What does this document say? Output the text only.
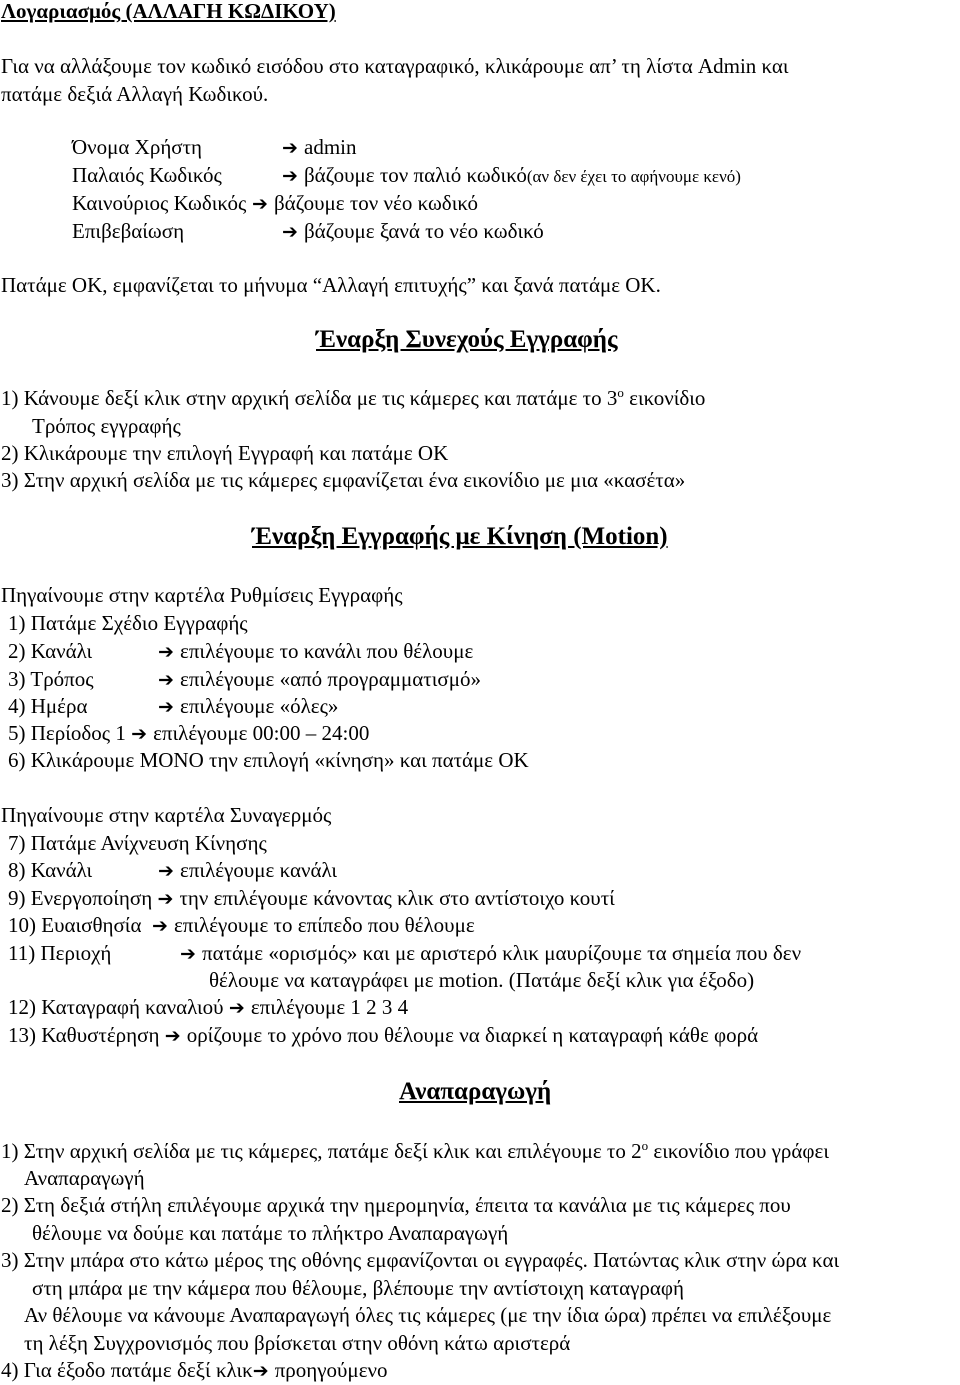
Λογαριασμός (ΑΛΛΑΓΗ ΚΩΔΙΚΟΥ)
Για να αλλάξουμε τον κωδικό εισόδου στο καταγραφικό, κλικάρουμε απ’ τη λίστα Admin και
πατάμε δεξιά Αλλαγή Κωδικού.
Όνομα Χρήστη	➔ admin
Παλαιός Κωδικός	➔ βάζουμε τον παλιό κωδικό(αν δεν έχει το αφήνουμε κενό)
Καινούριος Κωδικός ➔ βάζουμε τον νέο κωδικό
Επιβεβαίωση	➔ βάζουμε ξανά το νέο κωδικό
Πατάμε ΟΚ, εμφανίζεται το μήνυμα “Αλλαγή επιτυχής” και ξανά πατάμε ΟΚ.
Έναρξη Συνεχούς Εγγραφής
1) Κάνουμε δεξί κλικ στην αρχική σελίδα με τις κάμερες και πατάμε το $3^o$ εικονίδιο
Τρόπος εγγραφής
2) Κλικάρουμε την επιλογή Εγγραφή και πατάμε ΟΚ
3) Στην αρχική σελίδα με τις κάμερες εμφανίζεται ένα εικονίδιο με μια «κασέτα»
Έναρξη Εγγραφής με Κίνηση (Motion)
Πηγαίνουμε στην καρτέλα Ρυθμίσεις Εγγραφής
1) Πατάμε Σχέδιο Εγγραφής
2) Κανάλι	➔ επιλέγουμε το κανάλι που θέλουμε
3) Τρόπος	➔ επιλέγουμε «από προγραμματισμό»
4) Ημέρα	➔ επιλέγουμε «όλες»
5) Περίοδος 1 ➔ επιλέγουμε 00:00 – 24:00
6) Κλικάρουμε ΜΟΝΟ την επιλογή «κίνηση» και πατάμε ΟΚ
Πηγαίνουμε στην καρτέλα Συναγερμός
7) Πατάμε Ανίχνευση Κίνησης
8) Κανάλι	➔ επιλέγουμε κανάλι
9) Ενεργοποίηση ➔ την επιλέγουμε κάνοντας κλικ στο αντίστοιχο κουτί
10) Ευαισθησία ➔ επιλέγουμε το επίπεδο που θέλουμε
11) Περιοχή	➔ πατάμε «ορισμός» και με αριστερό κλικ μαυρίζουμε τα σημεία που δεν
θέλουμε να καταγράφει με motion. (Πατάμε δεξί κλικ για έξοδο)
12) Καταγραφή καναλιού ➔ επιλέγουμε 1 2 3 4
13) Καθυστέρηση ➔ ορίζουμε το χρόνο που θέλουμε να διαρκεί η καταγραφή κάθε φορά
Αναπαραγωγή
1) Στην αρχική σελίδα με τις κάμερες, πατάμε δεξί κλικ και επιλέγουμε το $2^o$ εικονίδιο που γράφει
Αναπαραγωγή
2) Στη δεξιά στήλη επιλέγουμε αρχικά την ημερομηνία, έπειτα τα κανάλια με τις κάμερες που
θέλουμε να δούμε και πατάμε το πλήκτρο Αναπαραγωγή
3) Στην μπάρα στο κάτω μέρος της οθόνης εμφανίζονται οι εγγραφές. Πατώντας κλικ στην ώρα και
στη μπάρα με την κάμερα που θέλουμε, βλέπουμε την αντίστοιχη καταγραφή
Αν θέλουμε να κάνουμε Αναπαραγωγή όλες τις κάμερες (με την ίδια ώρα) πρέπει να επιλέξουμε
τη λέξη Συγχρονισμός που βρίσκεται στην οθόνη κάτω αριστερά
4) Για έξοδο πατάμε δεξί κλικ➔ προηγούμενο
